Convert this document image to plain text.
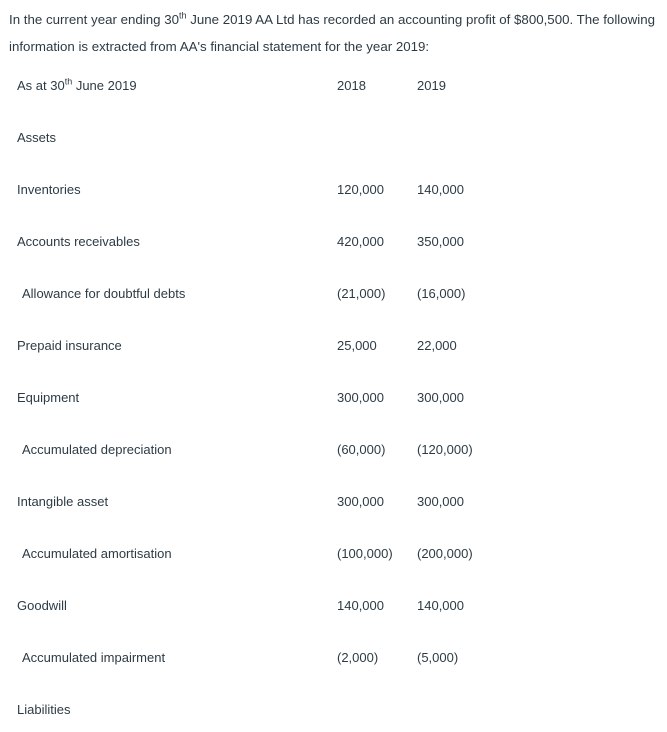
In the current year ending 30th June 2019 AA Ltd has recorded an accounting profit of $800,500. The following information is extracted from AA's financial statement for the year 2019:
As at 30th June 2019	2018	2019
Assets
Inventories	120,000	140,000
Accounts receivables	420,000	350,000
Allowance for doubtful debts	(21,000) (16,000)
Prepaid insurance	25,000	22,000
Equipment	300,000	300,000
Accumulated depreciation	(60,000) (120,000)
Intangible asset	300,000	300,000
Accumulated amortisation	(100,000) (200,000)
Goodwill	140,000	140,000
Accumulated impairment	(2,000)	(5,000)
Liabilities
